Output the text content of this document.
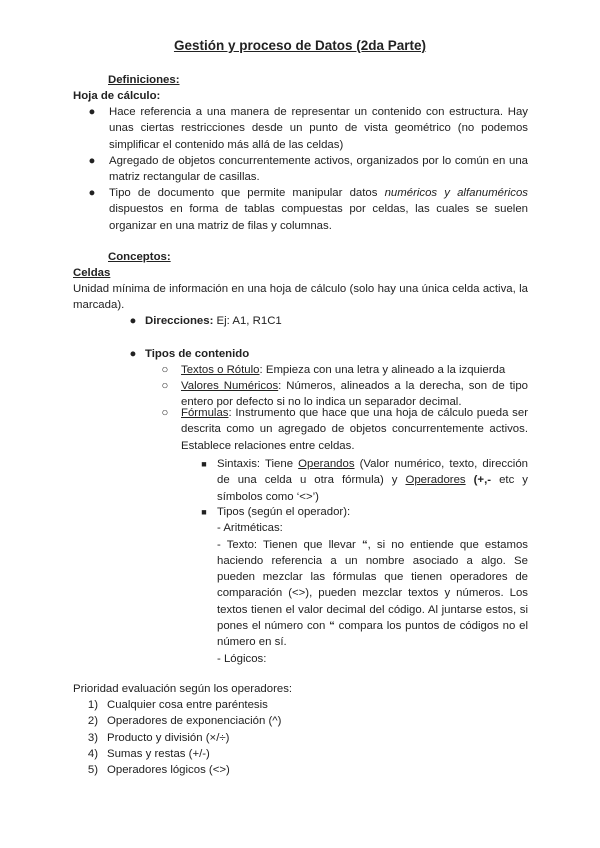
Gestión y proceso de Datos (2da Parte)
Definiciones:
Hoja de cálculo:
● Hace referencia a una manera de representar un contenido con estructura. Hay unas ciertas restricciones desde un punto de vista geométrico (no podemos simplificar el contenido más allá de las celdas)
● Agregado de objetos concurrentemente activos, organizados por lo común en una matriz rectangular de casillas.
● Tipo de documento que permite manipular datos numéricos y alfanuméricos dispuestos en forma de tablas compuestas por celdas, las cuales se suelen organizar en una matriz de filas y columnas.
Conceptos:
Celdas
Unidad mínima de información en una hoja de cálculo (solo hay una única celda activa, la marcada).
● Direcciones: Ej: A1, R1C1
● Tipos de contenido
○ Textos o Rótulo: Empieza con una letra y alineado a la izquierda
○ Valores Numéricos: Números, alineados a la derecha, son de tipo entero por defecto si no lo indica un separador decimal.
○ Fórmulas: Instrumento que hace que una hoja de cálculo pueda ser descrita como un agregado de objetos concurrentemente activos. Establece relaciones entre celdas.
■ Sintaxis: Tiene Operandos (Valor numérico, texto, dirección de una celda u otra fórmula) y Operadores (+,- etc y símbolos como ‘<>’)
■ Tipos (según el operador):
- Aritméticas:
- Texto: Tienen que llevar “, si no entiende que estamos haciendo referencia a un nombre asociado a algo. Se pueden mezclar las fórmulas que tienen operadores de comparación (<>), pueden mezclar textos y números. Los textos tienen el valor decimal del código. Al juntarse estos, si pones el número con “ compara los puntos de códigos no el número en sí.
- Lógicos:
Prioridad evaluación según los operadores:
1) Cualquier cosa entre paréntesis
2) Operadores de exponenciación (^)
3) Producto y división (×/÷)
4) Sumas y restas (+/-)
5) Operadores lógicos (<>)
